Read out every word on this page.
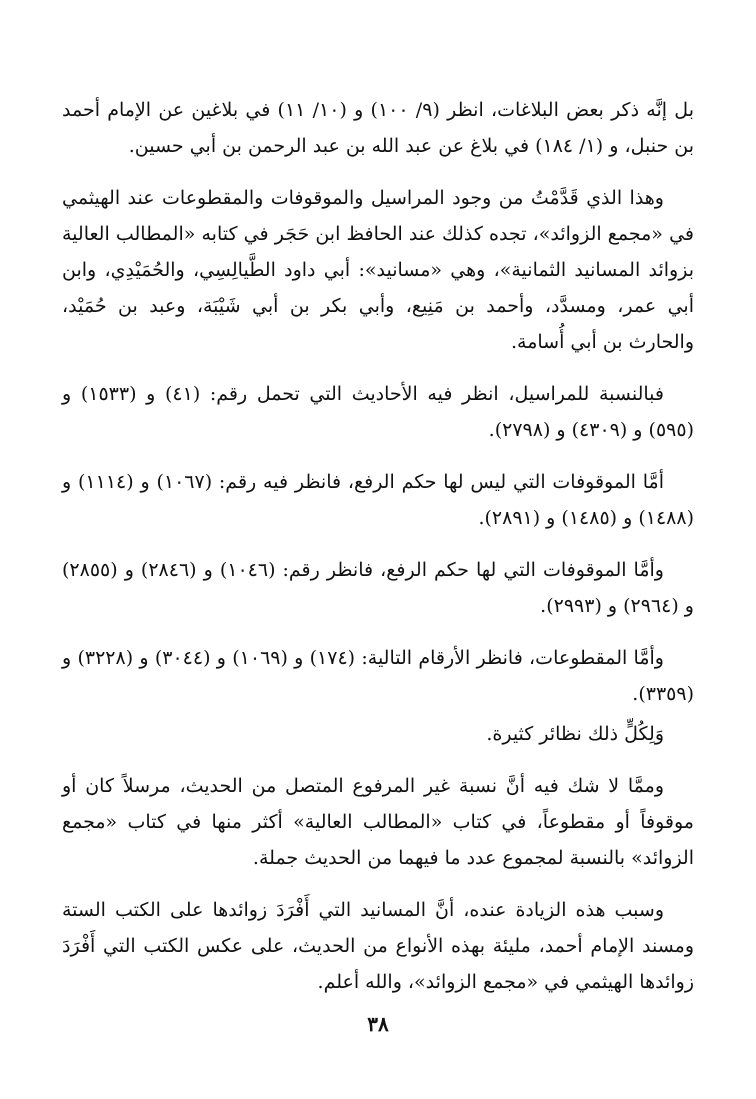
بل إنَّه ذكر بعض البلاغات، انظر (٩/ ١٠٠) و (١٠/ ١١) في بلاغين عن الإمام أحمد بن حنبل، و (١/ ١٨٤) في بلاغ عن عبد الله بن عبد الرحمن بن أبي حسين.

وهذا الذي قَدَّمْتُ من وجود المراسيل والموقوفات والمقطوعات عند الهيثمي في «مجمع الزوائد»، تجده كذلك عند الحافظ ابن حَجَر في كتابه «المطالب العالية بزوائد المسانيد الثمانية»، وهي «مسانيد»: أبي داود الطَّيالِسِي، والحُمَيْدِي، وابن أبي عمر، ومسدَّد، وأحمد بن مَنِيع، وأبي بكر بن أبي شَيْبَة، وعبد بن حُمَيْد، والحارث بن أبي أُسامة.

فبالنسبة للمراسيل، انظر فيه الأحاديث التي تحمل رقم: (٤١) و (١٥٣٣) و (٥٩٥) و (٤٣٠٩) و (٢٧٩٨).

أمَّا الموقوفات التي ليس لها حكم الرفع، فانظر فيه رقم: (١٠٦٧) و (١١١٤) و (١٤٨٨) و (١٤٨٥) و (٢٨٩١).

وأمَّا الموقوفات التي لها حكم الرفع، فانظر رقم: (١٠٤٦) و (٢٨٤٦) و (٢٨٥٥) و (٢٩٦٤) و (٢٩٩٣).

وأمَّا المقطوعات، فانظر الأرقام التالية: (١٧٤) و (١٠٦٩) و (٣٠٤٤) و (٣٢٢٨) و (٣٣٥٩).

وَلِكُلٍّ ذلك نظائر كثيرة.

وممَّا لا شك فيه أنَّ نسبة غير المرفوع المتصل من الحديث، مرسلاً كان أو موقوفاً أو مقطوعاً، في كتاب «المطالب العالية» أكثر منها في كتاب «مجمع الزوائد» بالنسبة لمجموع عدد ما فيهما من الحديث جملة.

وسبب هذه الزيادة عنده، أنَّ المسانيد التي أَفْرَدَ زوائدها على الكتب الستة ومسند الإمام أحمد، مليئة بهذه الأنواع من الحديث، على عكس الكتب التي أَفْرَدَ زوائدها الهيثمي في «مجمع الزوائد»، والله أعلم.

٣٨
